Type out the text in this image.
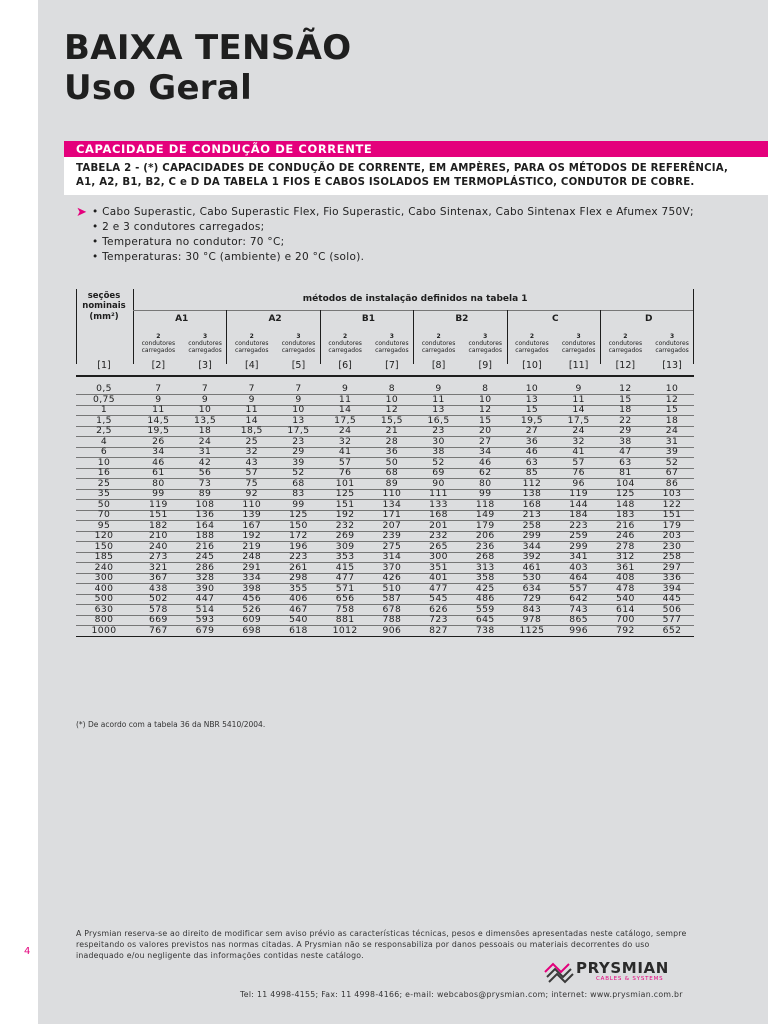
BAIXA TENSÃO
Uso Geral
CAPACIDADE DE CONDUÇÃO DE CORRENTE

TABELA 2 - (*) CAPACIDADES DE CONDUÇÃO DE CORRENTE, EM AMPÈRES, PARA OS MÉTODOS DE REFERÊNCIA, A1, A2, B1, B2, C e D DA TABELA 1 FIOS E CABOS ISOLADOS EM TERMOPLÁSTICO, CONDUTOR DE COBRE.

➤ • Cabo Superastic, Cabo Superastic Flex, Fio Superastic, Cabo Sintenax, Cabo Sintenax Flex e Afumex 750V;
• 2 e 3 condutores carregados;
• Temperatura no condutor: 70 °C;
• Temperaturas: 30 °C (ambiente) e 20 °C (solo).
seções
nominais
(mm²)
métodos de instalação definidos na tabela 1
A1	A2	B1	B2	C	D
2
condutores
carregados
3
condutores
carregados
2
condutores
carregados
3
condutores
carregados
2
condutores
carregados
3
condutores
carregados
2
condutores
carregados
3
condutores
carregados
2
condutores
carregados
3
condutores
carregados
2
condutores
carregados
3
condutores
carregados
[1]	[2]	[3]	[4]	[5]	[6]	[7]	[8]	[9]	[10]	[11]	[12]	[13]
0,5	7	7	7	7	9	8	9	8	10	9	12	10
0,75	9	9	9	9	11	10	11	10	13	11	15	12
1	11	10	11	10	14	12	13	12	15	14	18	15
1,5	14,5	13,5	14	13	17,5	15,5	16,5	15	19,5	17,5	22	18
2,5	19,5	18	18,5	17,5	24	21	23	20	27	24	29	24
4	26	24	25	23	32	28	30	27	36	32	38	31
6	34	31	32	29	41	36	38	34	46	41	47	39
10	46	42	43	39	57	50	52	46	63	57	63	52
16	61	56	57	52	76	68	69	62	85	76	81	67
25	80	73	75	68	101	89	90	80	112	96	104	86
35	99	89	92	83	125	110	111	99	138	119	125	103
50	119	108	110	99	151	134	133	118	168	144	148	122
70	151	136	139	125	192	171	168	149	213	184	183	151
95	182	164	167	150	232	207	201	179	258	223	216	179
120	210	188	192	172	269	239	232	206	299	259	246	203
150	240	216	219	196	309	275	265	236	344	299	278	230
185	273	245	248	223	353	314	300	268	392	341	312	258
240	321	286	291	261	415	370	351	313	461	403	361	297
300	367	328	334	298	477	426	401	358	530	464	408	336
400	438	390	398	355	571	510	477	425	634	557	478	394
500	502	447	456	406	656	587	545	486	729	642	540	445
630	578	514	526	467	758	678	626	559	843	743	614	506
800	669	593	609	540	881	788	723	645	978	865	700	577
1000	767	679	698	618	1012	906	827	738	1125	996	792	652
(*) De acordo com a tabela 36 da NBR 5410/2004.

A Prysmian reserva-se ao direito de modificar sem aviso prévio as características técnicas, pesos e dimensões apresentadas neste catálogo, sempre respeitando os valores previstos nas normas citadas. A Prysmian não se responsabiliza por danos pessoais ou materiais decorrentes do uso inadequado e/ou negligente das informações contidas neste catálogo.

4
PRYSMIAN
CABLES & SYSTEMS
Tel: 11 4998-4155; Fax: 11 4998-4166; e-mail: webcabos@prysmian.com; internet: www.prysmian.com.br
